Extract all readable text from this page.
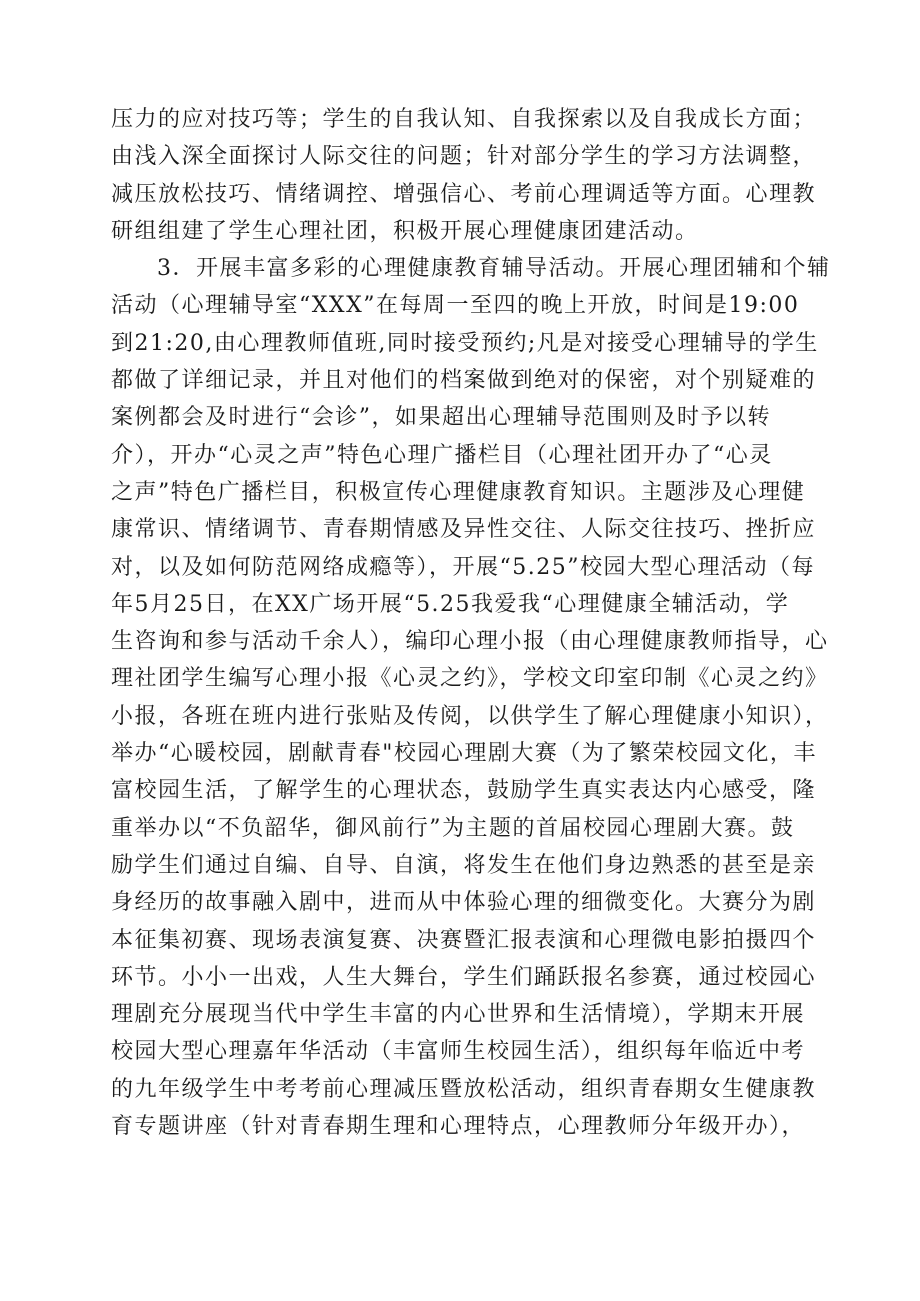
压力的应对技巧等；学生的自我认知、自我探索以及自我成长方面；
由浅入深全面探讨人际交往的问题；针对部分学生的学习方法调整，
减压放松技巧、情绪调控、增强信心、考前心理调适等方面。心理教
研组组建了学生心理社团，积极开展心理健康团建活动。
3．开展丰富多彩的心理健康教育辅导活动。开展心理团辅和个辅
活动（心理辅导室“XXX”在每周一至四的晚上开放，时间是19:00
到21:20,由心理教师值班,同时接受预约;凡是对接受心理辅导的学生
都做了详细记录，并且对他们的档案做到绝对的保密，对个别疑难的
案例都会及时进行“会诊”，如果超出心理辅导范围则及时予以转
介），开办“心灵之声”特色心理广播栏目（心理社团开办了“心灵
之声”特色广播栏目，积极宣传心理健康教育知识。主题涉及心理健
康常识、情绪调节、青春期情感及异性交往、人际交往技巧、挫折应
对，以及如何防范网络成瘾等），开展“5.25”校园大型心理活动（每
年5月25日，在XX广场开展“5.25我爱我“心理健康全辅活动，学
生咨询和参与活动千余人），编印心理小报（由心理健康教师指导，心
理社团学生编写心理小报《心灵之约》，学校文印室印制《心灵之约》
小报，各班在班内进行张贴及传阅，以供学生了解心理健康小知识），
举办“心暖校园，剧献青春"校园心理剧大赛（为了繁荣校园文化，丰
富校园生活，了解学生的心理状态，鼓励学生真实表达内心感受，隆
重举办以“不负韶华，御风前行”为主题的首届校园心理剧大赛。鼓
励学生们通过自编、自导、自演，将发生在他们身边熟悉的甚至是亲
身经历的故事融入剧中，进而从中体验心理的细微变化。大赛分为剧
本征集初赛、现场表演复赛、决赛暨汇报表演和心理微电影拍摄四个
环节。小小一出戏，人生大舞台，学生们踊跃报名参赛，通过校园心
理剧充分展现当代中学生丰富的内心世界和生活情境），学期末开展
校园大型心理嘉年华活动（丰富师生校园生活），组织每年临近中考
的九年级学生中考考前心理减压暨放松活动，组织青春期女生健康教
育专题讲座（针对青春期生理和心理特点，心理教师分年级开办），
